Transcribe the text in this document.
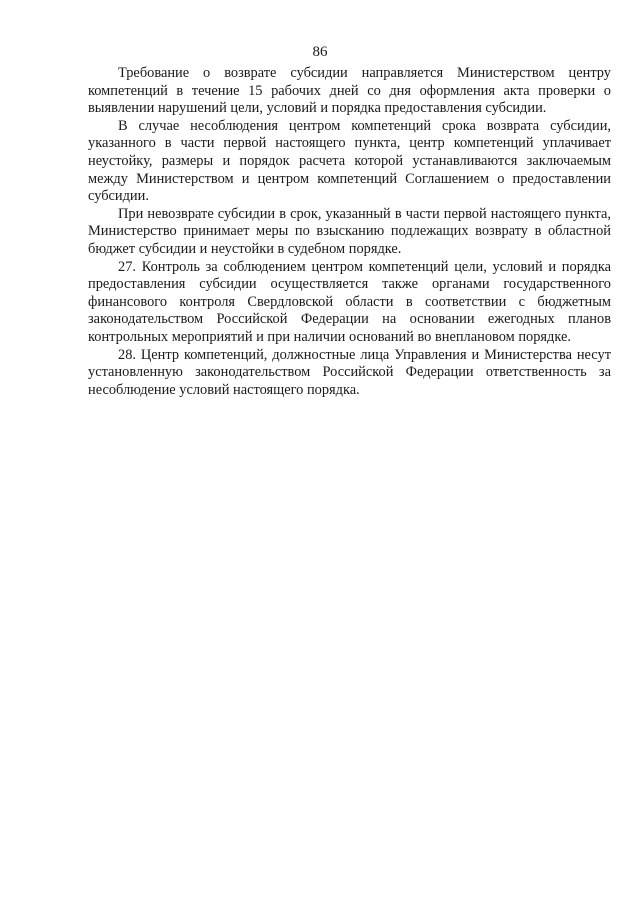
86

Требование о возврате субсидии направляется Министерством центру компетенций в течение 15 рабочих дней со дня оформления акта проверки о выявлении нарушений цели, условий и порядка предоставления субсидии.

В случае несоблюдения центром компетенций срока возврата субсидии, указанного в части первой настоящего пункта, центр компетенций уплачивает неустойку, размеры и порядок расчета которой устанавливаются заключаемым между Министерством и центром компетенций Соглашением о предоставлении субсидии.

При невозврате субсидии в срок, указанный в части первой настоящего пункта, Министерство принимает меры по взысканию подлежащих возврату в областной бюджет субсидии и неустойки в судебном порядке.

27. Контроль за соблюдением центром компетенций цели, условий и порядка предоставления субсидии осуществляется также органами государственного финансового контроля Свердловской области в соответствии с бюджетным законодательством Российской Федерации на основании ежегодных планов контрольных мероприятий и при наличии оснований во внеплановом порядке.

28. Центр компетенций, должностные лица Управления и Министерства несут установленную законодательством Российской Федерации ответственность за несоблюдение условий настоящего порядка.
